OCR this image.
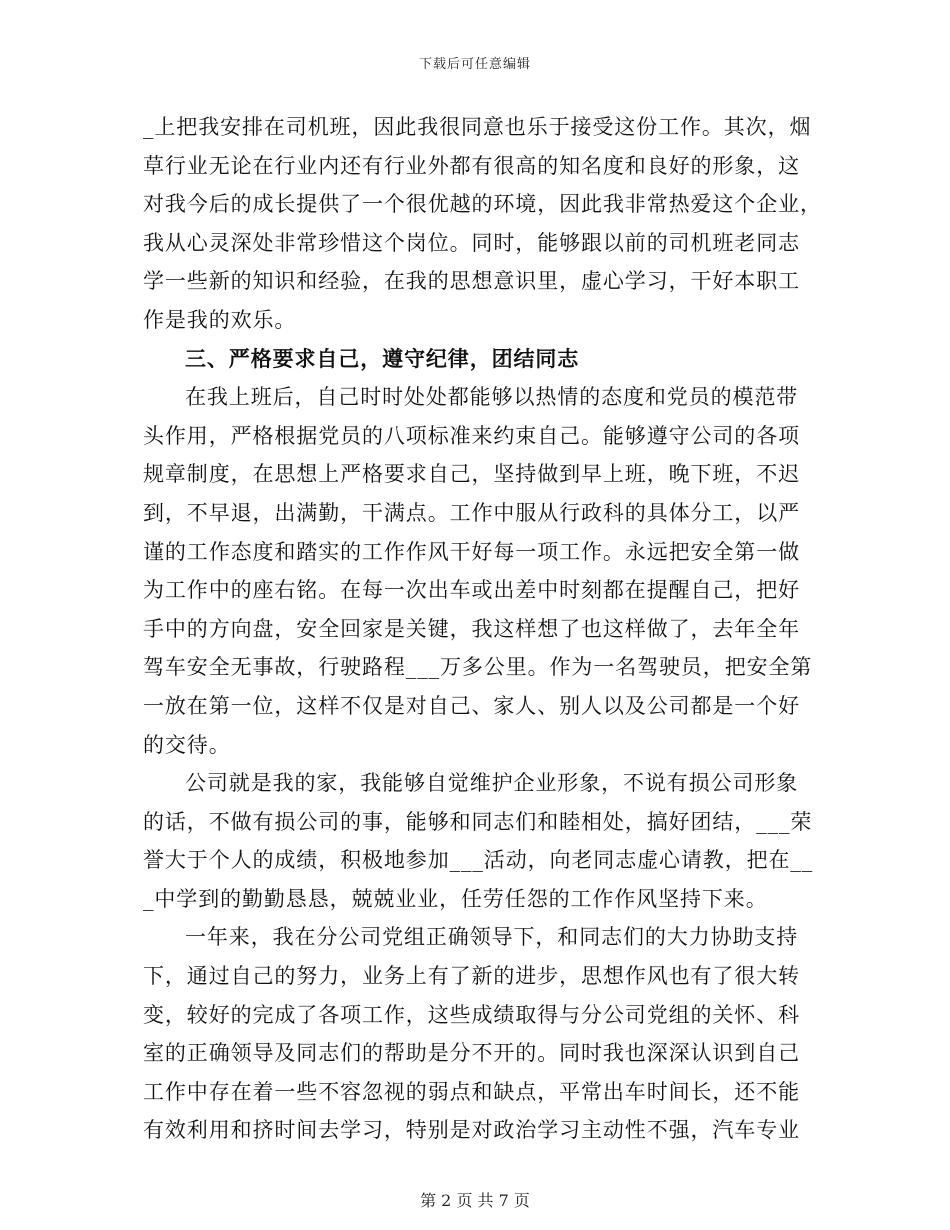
下载后可任意编辑
_上把我安排在司机班，因此我很同意也乐于接受这份工作。其次，烟
草行业无论在行业内还有行业外都有很高的知名度和良好的形象，这
对我今后的成长提供了一个很优越的环境，因此我非常热爱这个企业，
我从心灵深处非常珍惜这个岗位。同时，能够跟以前的司机班老同志
学一些新的知识和经验，在我的思想意识里，虚心学习，干好本职工
作是我的欢乐。
三、严格要求自己，遵守纪律，团结同志
在我上班后，自己时时处处都能够以热情的态度和党员的模范带
头作用，严格根据党员的八项标准来约束自己。能够遵守公司的各项
规章制度，在思想上严格要求自己，坚持做到早上班，晚下班，不迟
到，不早退，出满勤，干满点。工作中服从行政科的具体分工，以严
谨的工作态度和踏实的工作作风干好每一项工作。永远把安全第一做
为工作中的座右铭。在每一次出车或出差中时刻都在提醒自己，把好
手中的方向盘，安全回家是关键，我这样想了也这样做了，去年全年
驾车安全无事故，行驶路程___万多公里。作为一名驾驶员，把安全第
一放在第一位，这样不仅是对自己、家人、别人以及公司都是一个好
的交待。
公司就是我的家，我能够自觉维护企业形象，不说有损公司形象
的话，不做有损公司的事，能够和同志们和睦相处，搞好团结，___荣
誉大于个人的成绩，积极地参加___活动，向老同志虚心请教，把在__
_中学到的勤勤恳恳，兢兢业业，任劳任怨的工作作风坚持下来。
一年来，我在分公司党组正确领导下，和同志们的大力协助支持
下，通过自己的努力，业务上有了新的进步，思想作风也有了很大转
变，较好的完成了各项工作，这些成绩取得与分公司党组的关怀、科
室的正确领导及同志们的帮助是分不开的。同时我也深深认识到自己
工作中存在着一些不容忽视的弱点和缺点，平常出车时间长，还不能
有效利用和挤时间去学习，特别是对政治学习主动性不强，汽车专业
第 2 页 共 7 页
